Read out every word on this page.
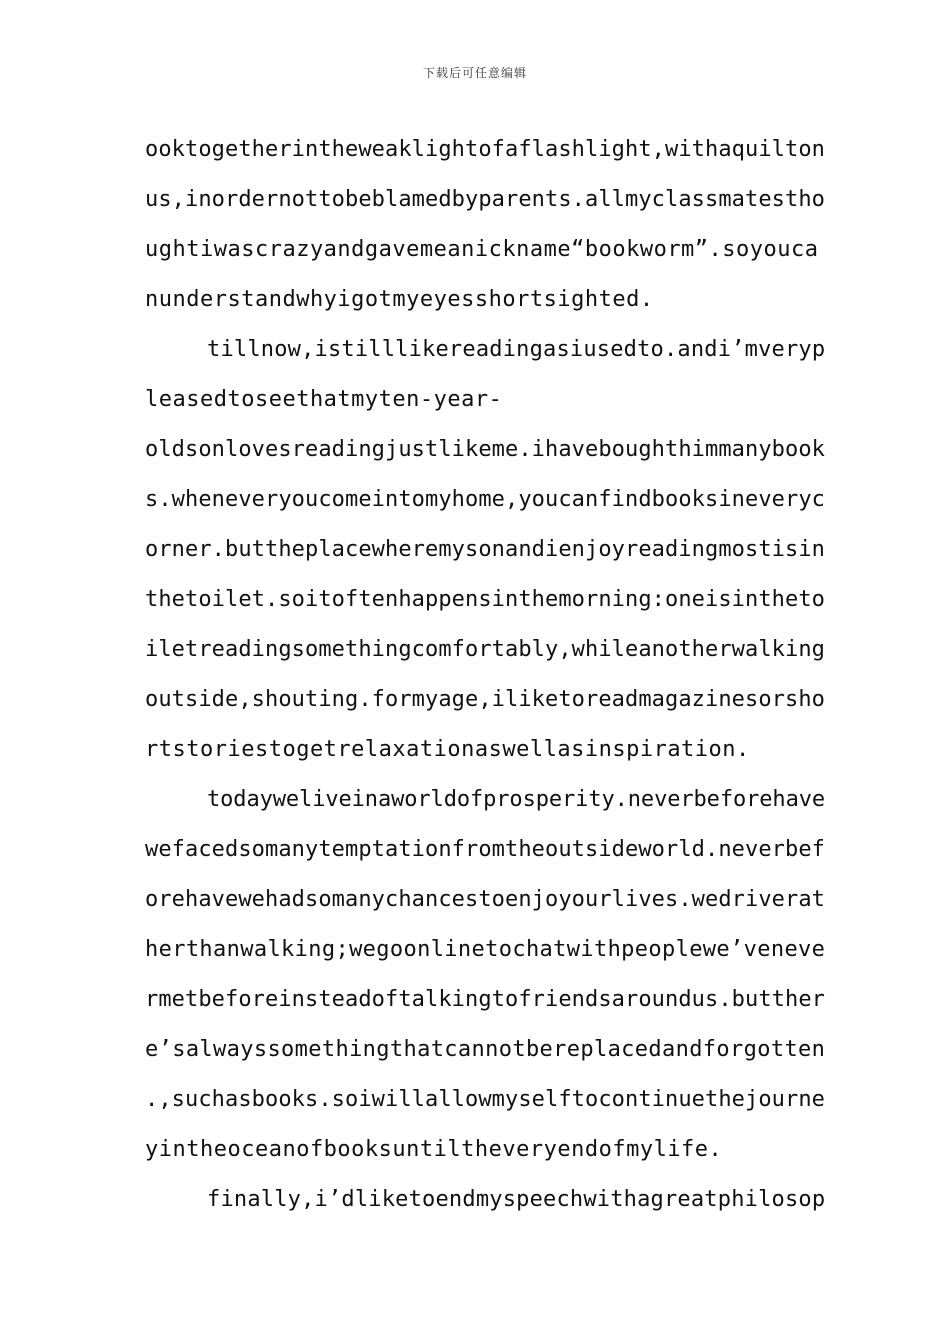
下载后可任意编辑
ooktogetherintheweaklightofaflashlight,withaquilton
us,inordernottobeblamedbyparents.allmyclassmatestho
ughtiwascrazyandgavemeanickname“bookworm”.soyouca
nunderstandwhyigotmyeyesshortsighted.
tillnow,istilllikereadingasiusedto.andi’mveryp
leasedtoseethatmyten-year-
oldsonlovesreadingjustlikeme.ihaveboughthimmanybook
s.wheneveryoucomeintomyhome,youcanfindbooksineveryc
orner.buttheplacewheremysonandienjoyreadingmostisin
thetoilet.soitoftenhappensinthemorning:oneisintheto
iletreadingsomethingcomfortably,whileanotherwalking
outside,shouting.formyage,iliketoreadmagazinesorsho
rtstoriestogetrelaxationaswellasinspiration.
todayweliveinaworldofprosperity.neverbeforehave
wefacedsomanytemptationfromtheoutsideworld.neverbef
orehavewehadsomanychancestoenjoyourlives.wedriverat
herthanwalking;wegoonlinetochatwithpeoplewe’veneve
rmetbeforeinsteadoftalkingtofriendsaroundus.butther
e’salwayssomethingthatcannotbereplacedandforgotten
.,suchasbooks.soiwillallowmyselftocontinuethejourne
yintheoceanofbooksuntiltheveryendofmylife.
finally,i’dliketoendmyspeechwithagreatphilosop
